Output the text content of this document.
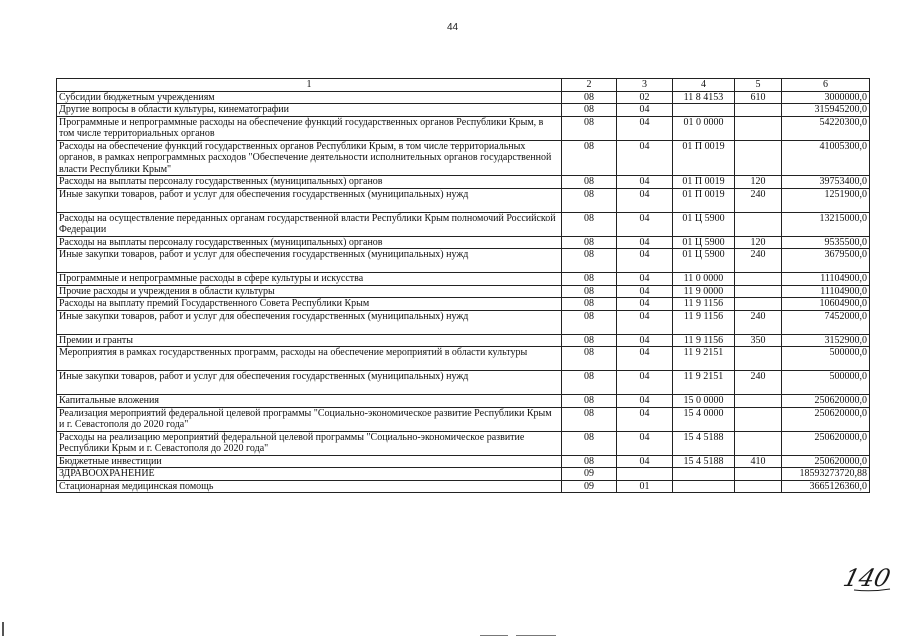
44
1	2	3	4	5	6
Субсидии бюджетным учреждениям	08	02	11 8 4153	610	3000000,0
Другие вопросы в области культуры, кинематографии	08	04			315945200,0
Программные и непрограммные расходы на обеспечение функций государственных органов Республики Крым, в том числе территориальных органов	08	04	01 0 0000		54220300,0
Расходы на обеспечение функций государственных органов Республики Крым, в том числе территориальных органов, в рамках непрограммных расходов "Обеспечение деятельности исполнительных органов государственной власти Республики Крым"	08	04	01 П 0019		41005300,0
Расходы на выплаты персоналу государственных (муниципальных) органов	08	04	01 П 0019	120	39753400,0
Иные закупки товаров, работ и услуг для обеспечения государственных (муниципальных) нужд	08	04	01 П 0019	240	1251900,0
Расходы на осуществление переданных органам государственной власти Республики Крым полномочий Российской Федерации	08	04	01 Ц 5900		13215000,0
Расходы на выплаты персоналу государственных (муниципальных) органов	08	04	01 Ц 5900	120	9535500,0
Иные закупки товаров, работ и услуг для обеспечения государственных (муниципальных) нужд	08	04	01 Ц 5900	240	3679500,0
Программные и непрограммные расходы в сфере культуры и искусства	08	04	11 0 0000		11104900,0
Прочие расходы и учреждения в области культуры	08	04	11 9 0000		11104900,0
Расходы на выплату премий Государственного Совета Республики Крым	08	04	11 9 1156		10604900,0
Иные закупки товаров, работ и услуг для обеспечения государственных (муниципальных) нужд	08	04	11 9 1156	240	7452000,0
Премии и гранты	08	04	11 9 1156	350	3152900,0
Мероприятия в рамках государственных программ, расходы на обеспечение мероприятий в области культуры	08	04	11 9 2151		500000,0
Иные закупки товаров, работ и услуг для обеспечения государственных (муниципальных) нужд	08	04	11 9 2151	240	500000,0
Капитальные вложения	08	04	15 0 0000		250620000,0
Реализация мероприятий федеральной целевой программы "Социально-экономическое развитие Республики Крым и г. Севастополя до 2020 года"	08	04	15 4 0000		250620000,0
Расходы на реализацию мероприятий федеральной целевой программы "Социально-экономическое развитие Республики Крым и г. Севастополя до 2020 года"	08	04	15 4 5188		250620000,0
Бюджетные инвестиции	08	04	15 4 5188	410	250620000,0
ЗДРАВООХРАНЕНИЕ	09				18593273720,88
Стационарная медицинская помощь	09	01			3665126360,0
140
